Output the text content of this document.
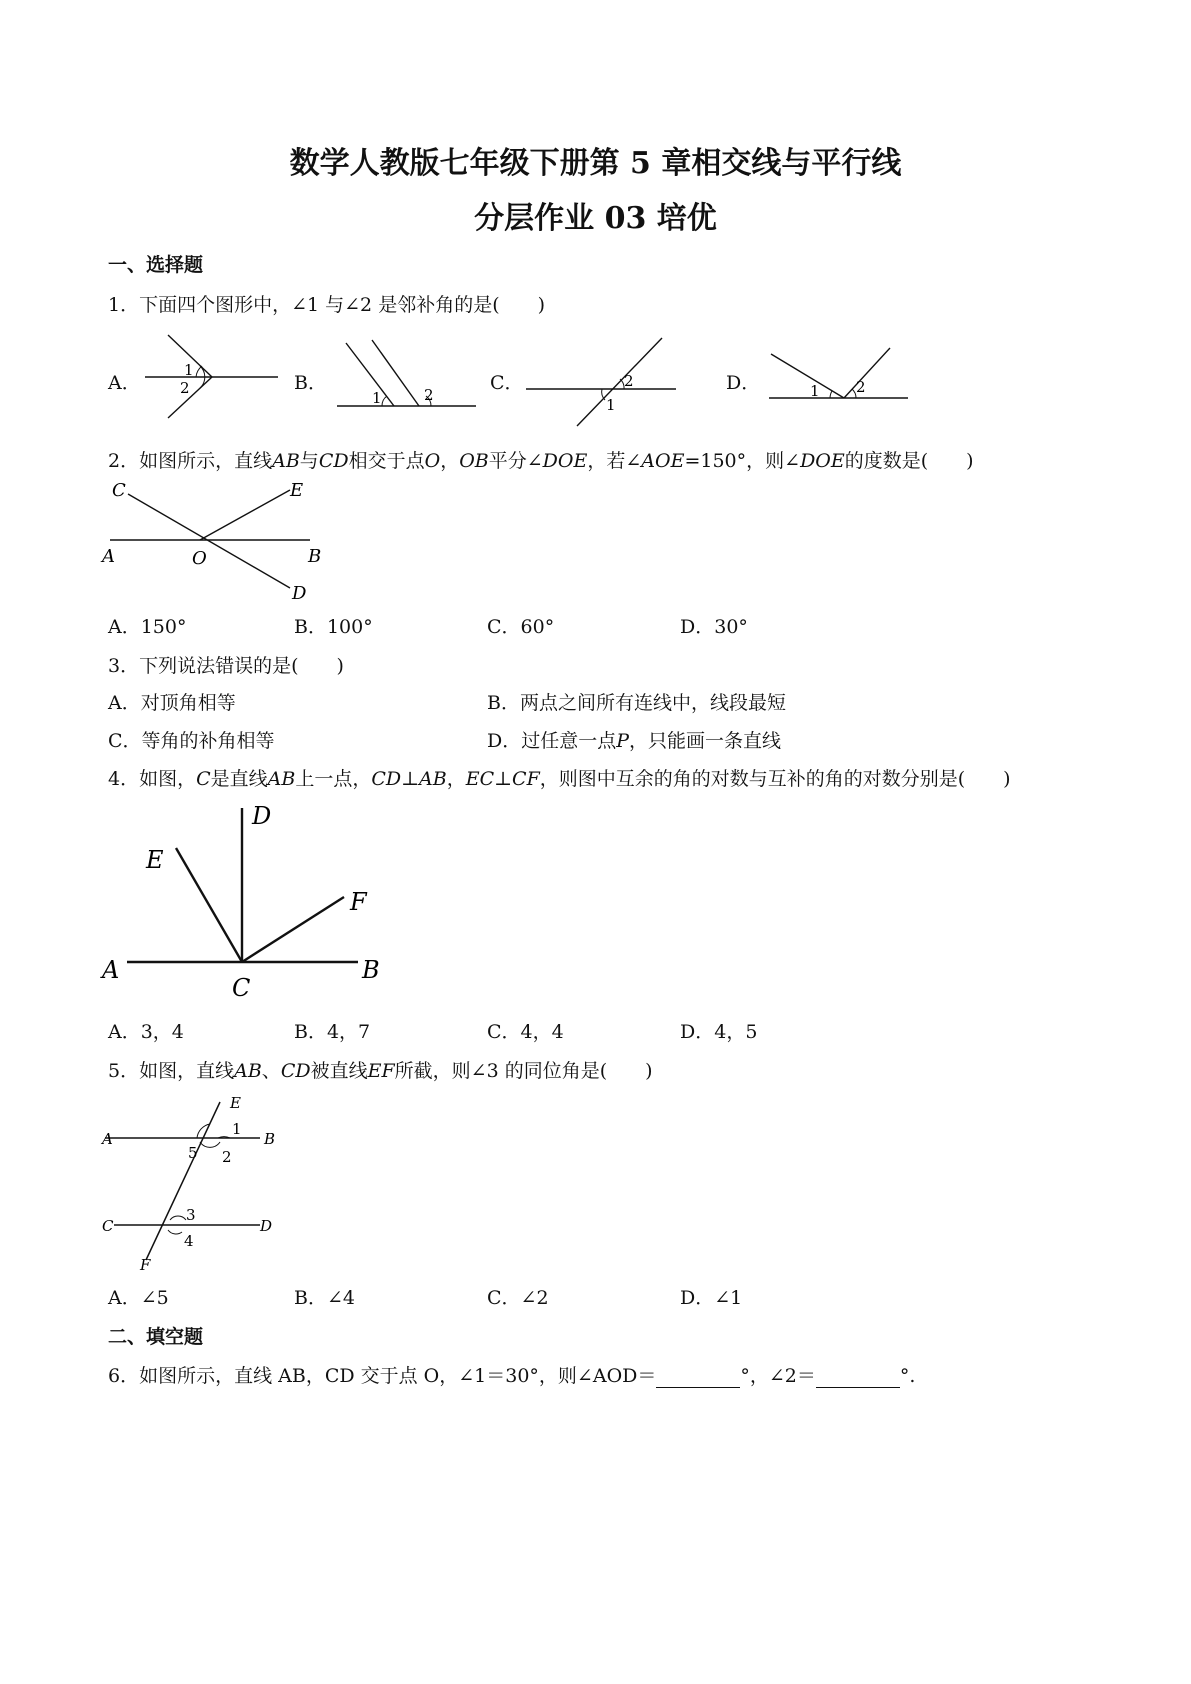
数学人教版七年级下册第 5 章相交线与平行线
分层作业 03 培优
一、选择题
1．下面四个图形中，∠1 与∠2 是邻补角的是(　　)
A．
1
2	B．
1	2
C．	2
1
D．	1 2
2．如图所示，直线AB与CD相交于点O，OB平分∠DOE，若∠AOE=150°，则∠DOE的度数是(　　)
C	E
A	O	B
D
A．150°	B．100°	C．60°	D．30°
3．下列说法错误的是(　　)
A．对顶角相等	B．两点之间所有连线中，线段最短
C．等角的补角相等	D．过任意一点P，只能画一条直线
4．如图，C是直线AB上一点，CD⊥AB，EC⊥CF，则图中互余的角的对数与互补的角的对数分别是(　　)
D
E
F
A	B
C
A．3，4	B．4，7	C．4，4	D．4，5
5．如图，直线AB、CD被直线EF所截，则∠3 的同位角是(　　)
E
A	B
C	D
F
1
2
3
4
5
A．∠5	B．∠4	C．∠2	D．∠1
二、填空题
6．如图所示，直线 AB，CD 交于点 O，∠1＝30°，则∠AOD＝	°，∠2＝	°.
